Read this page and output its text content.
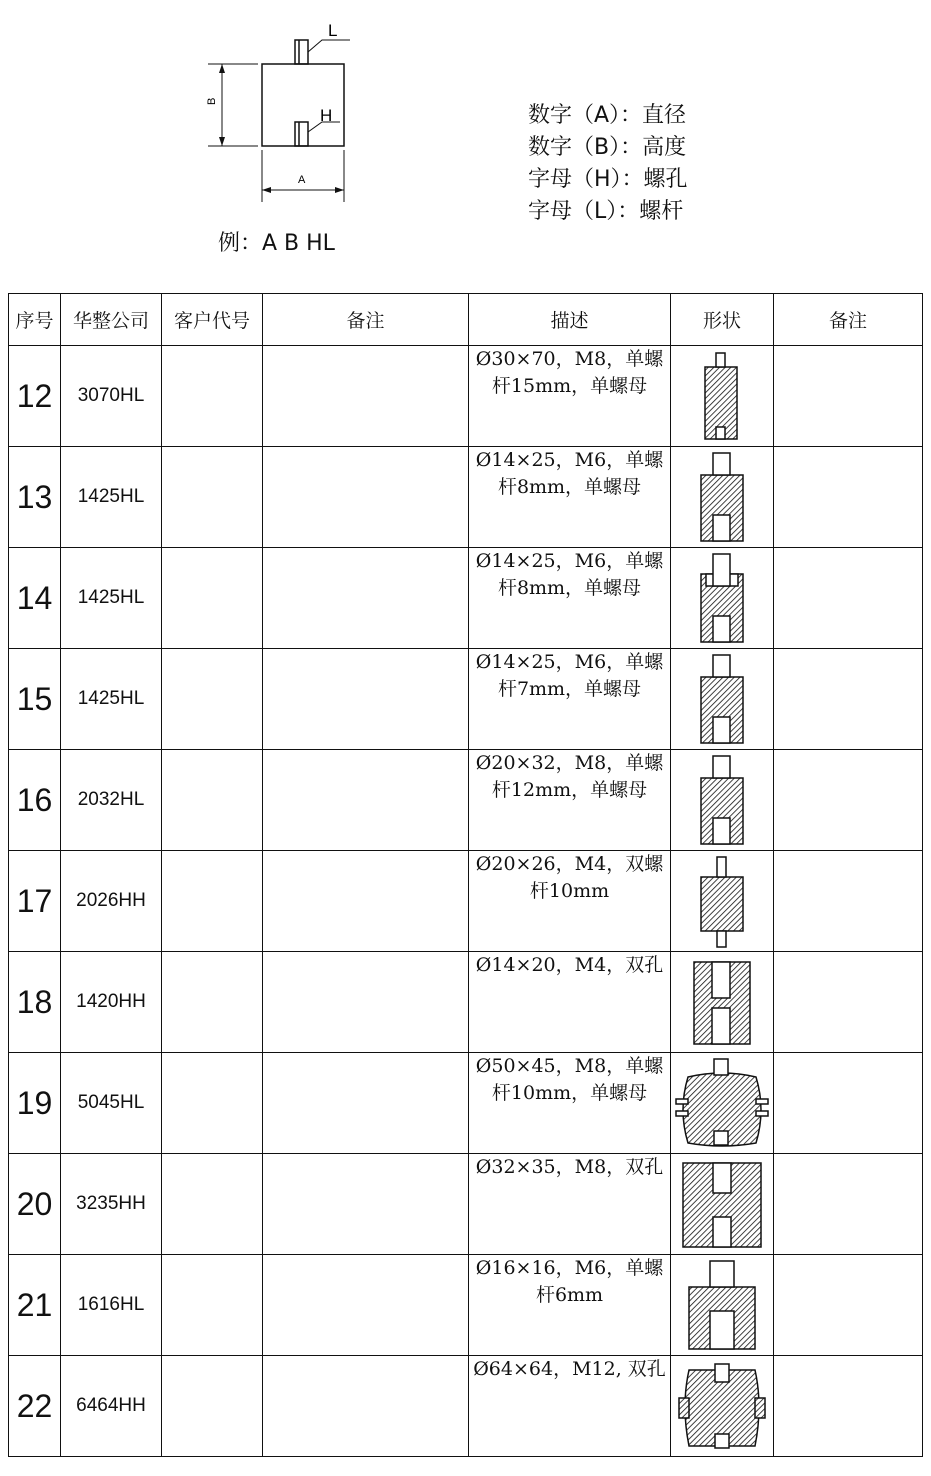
L
H
B
A
例：A B HL
数字（A）：直径
数字（B）：高度
字母（H）：螺孔
字母（L）：螺杆
序号	华整公司	客户代号	备注	描述	形状	备注
12	3070HL			Ø30×70，M8，单螺
杆15mm，单螺母

13	1425HL			Ø14×25，M6，单螺
杆8mm，单螺母

14	1425HL			Ø14×25，M6，单螺
杆8mm，单螺母

15	1425HL			Ø14×25，M6，单螺
杆7mm，单螺母

16	2032HL			Ø20×32，M8，单螺
杆12mm，单螺母

17	2026HH			Ø20×26，M4，双螺
杆10mm

18	1420HH			Ø14×20，M4，双孔

19	5045HL			Ø50×45，M8，单螺
杆10mm，单螺母

20	3235HH			Ø32×35，M8，双孔

21	1616HL			Ø16×16，M6，单螺
杆6mm

22	6464HH			Ø64×64，M12, 双孔
